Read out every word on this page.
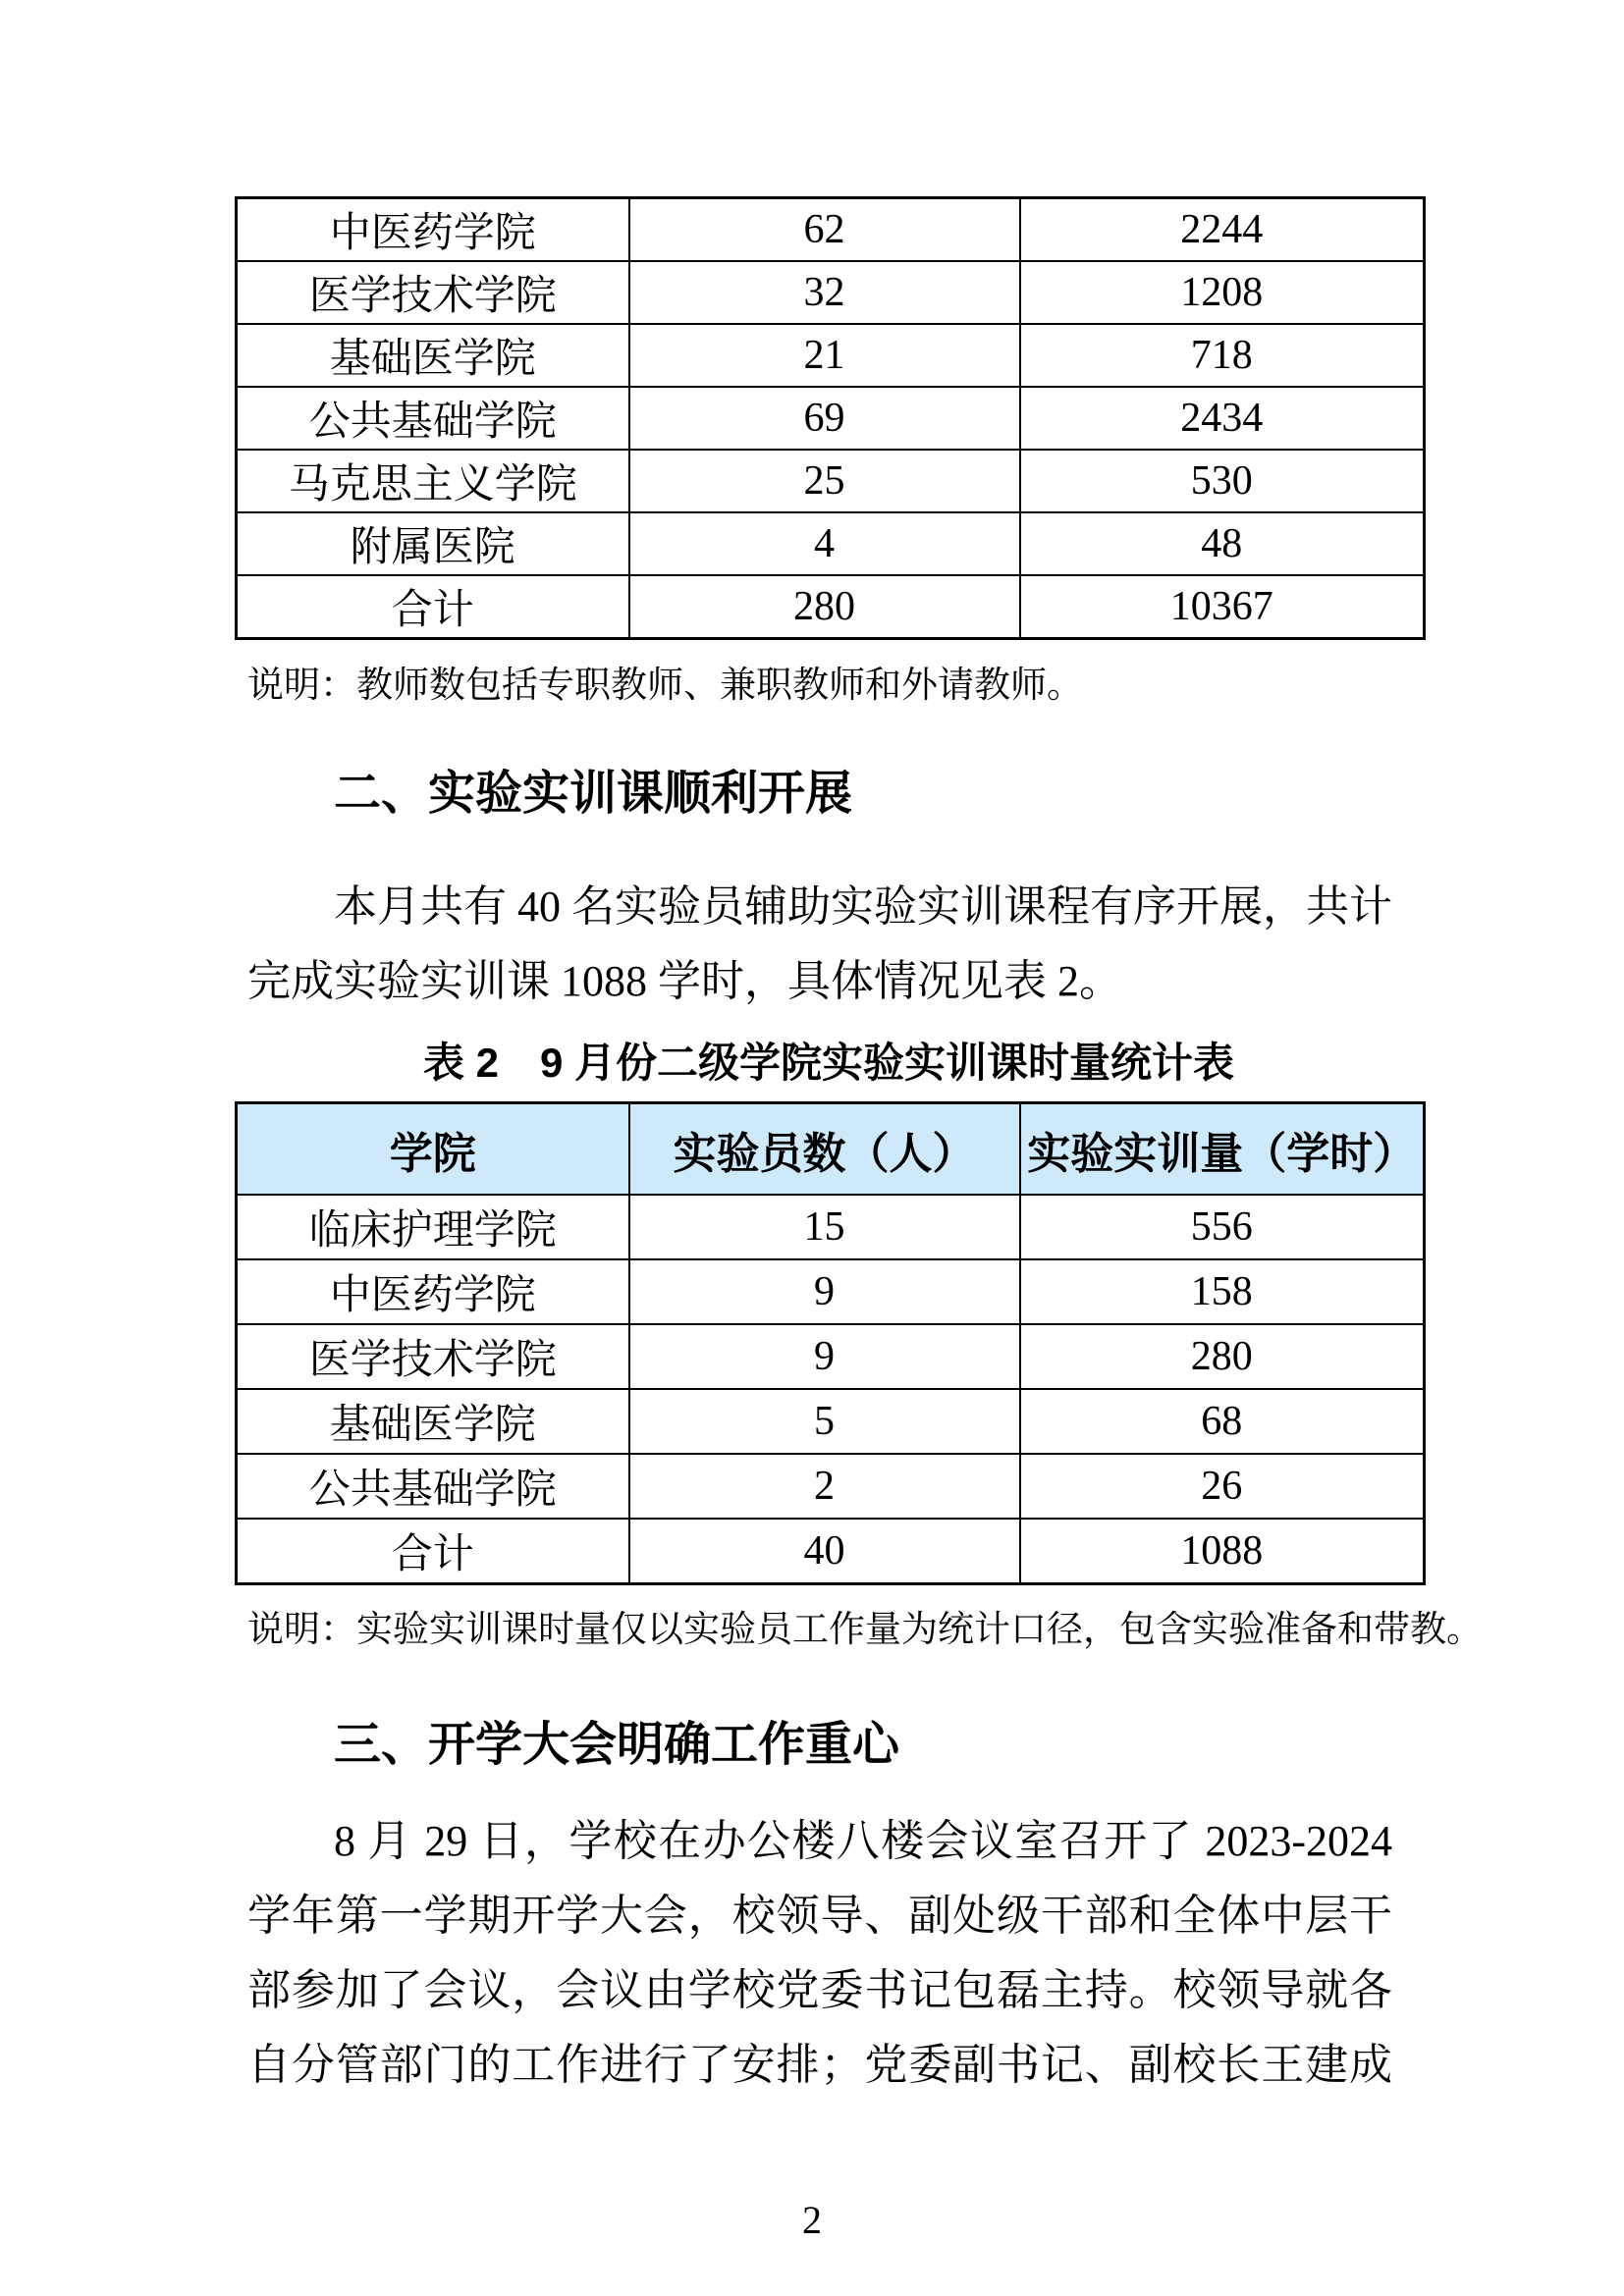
中医药学院	62	2244
医学技术学院	32	1208
基础医学院	21	718
公共基础学院	69	2434
马克思主义学院	25	530
附属医院	4	48
合计	280	10367
说明：教师数包括专职教师、兼职教师和外请教师。
二、实验实训课顺利开展
本月共有 40 名实验员辅助实验实训课程有序开展，共计完成实验实训课 1088 学时，具体情况见表 2。
表 2　9 月份二级学院实验实训课时量统计表
学院	实验员数（人）	实验实训量（学时）
临床护理学院	15	556
中医药学院	9	158
医学技术学院	9	280
基础医学院	5	68
公共基础学院	2	26
合计	40	1088
说明：实验实训课时量仅以实验员工作量为统计口径，包含实验准备和带教。
三、开学大会明确工作重心
8 月 29 日，学校在办公楼八楼会议室召开了 2023-2024 学年第一学期开学大会，校领导、副处级干部和全体中层干部参加了会议，会议由学校党委书记包磊主持。校领导就各自分管部门的工作进行了安排；党委副书记、副校长王建成
2
